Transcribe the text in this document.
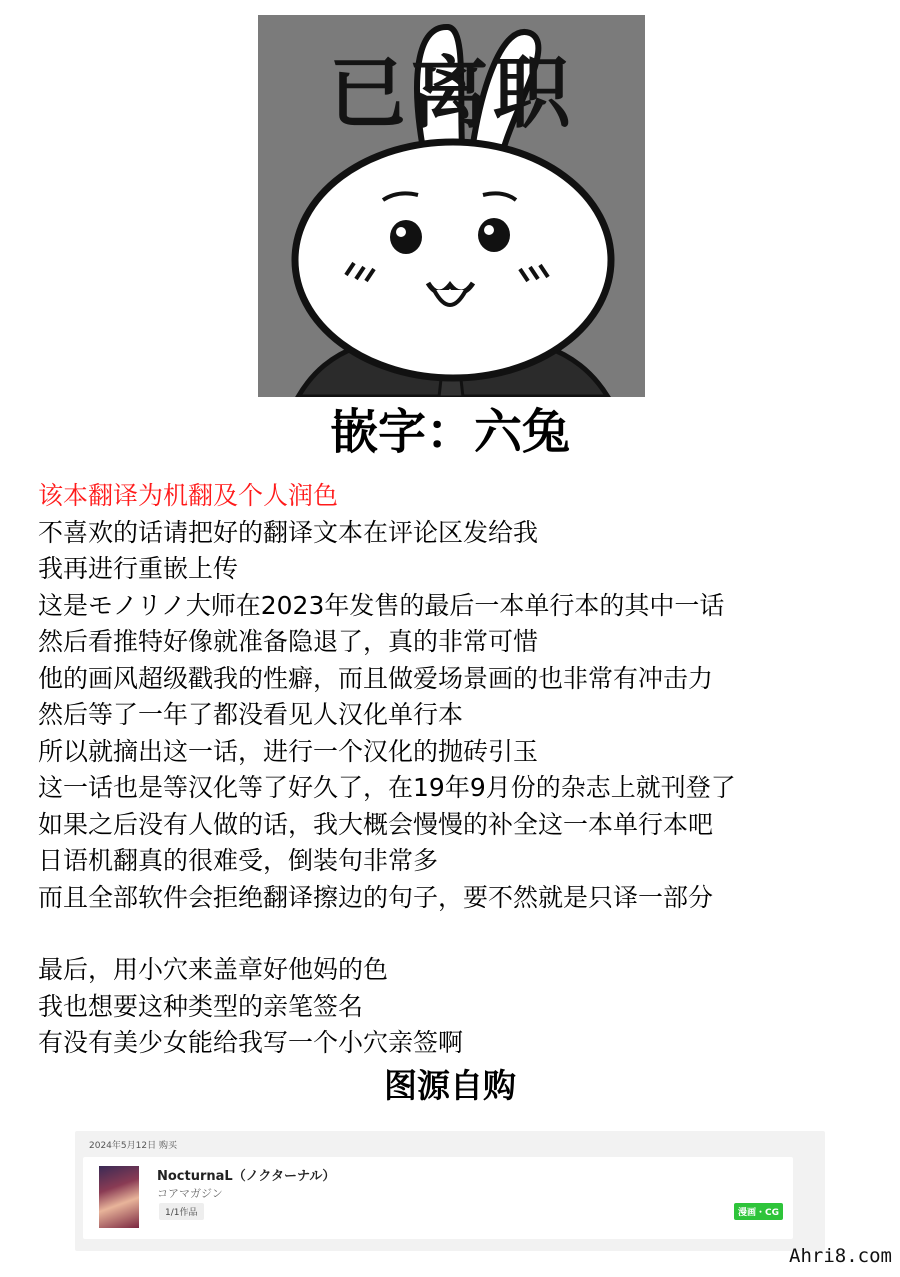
已离职
嵌字：六兔
该本翻译为机翻及个人润色
不喜欢的话请把好的翻译文本在评论区发给我
我再进行重嵌上传
这是モノリノ大师在2023年发售的最后一本单行本的其中一话
然后看推特好像就准备隐退了，真的非常可惜
他的画风超级戳我的性癖，而且做爱场景画的也非常有冲击力
然后等了一年了都没看见人汉化单行本
所以就摘出这一话，进行一个汉化的抛砖引玉
这一话也是等汉化等了好久了，在19年9月份的杂志上就刊登了
如果之后没有人做的话，我大概会慢慢的补全这一本单行本吧
日语机翻真的很难受，倒装句非常多
而且全部软件会拒绝翻译擦边的句子，要不然就是只译一部分
最后，用小穴来盖章好他妈的色
我也想要这种类型的亲笔签名
有没有美少女能给我写一个小穴亲签啊
图源自购
2024年5月12日 购买
NocturnaL（ノクターナル）
コアマガジン
1/1作品	漫画・CG
Ahri8.com
